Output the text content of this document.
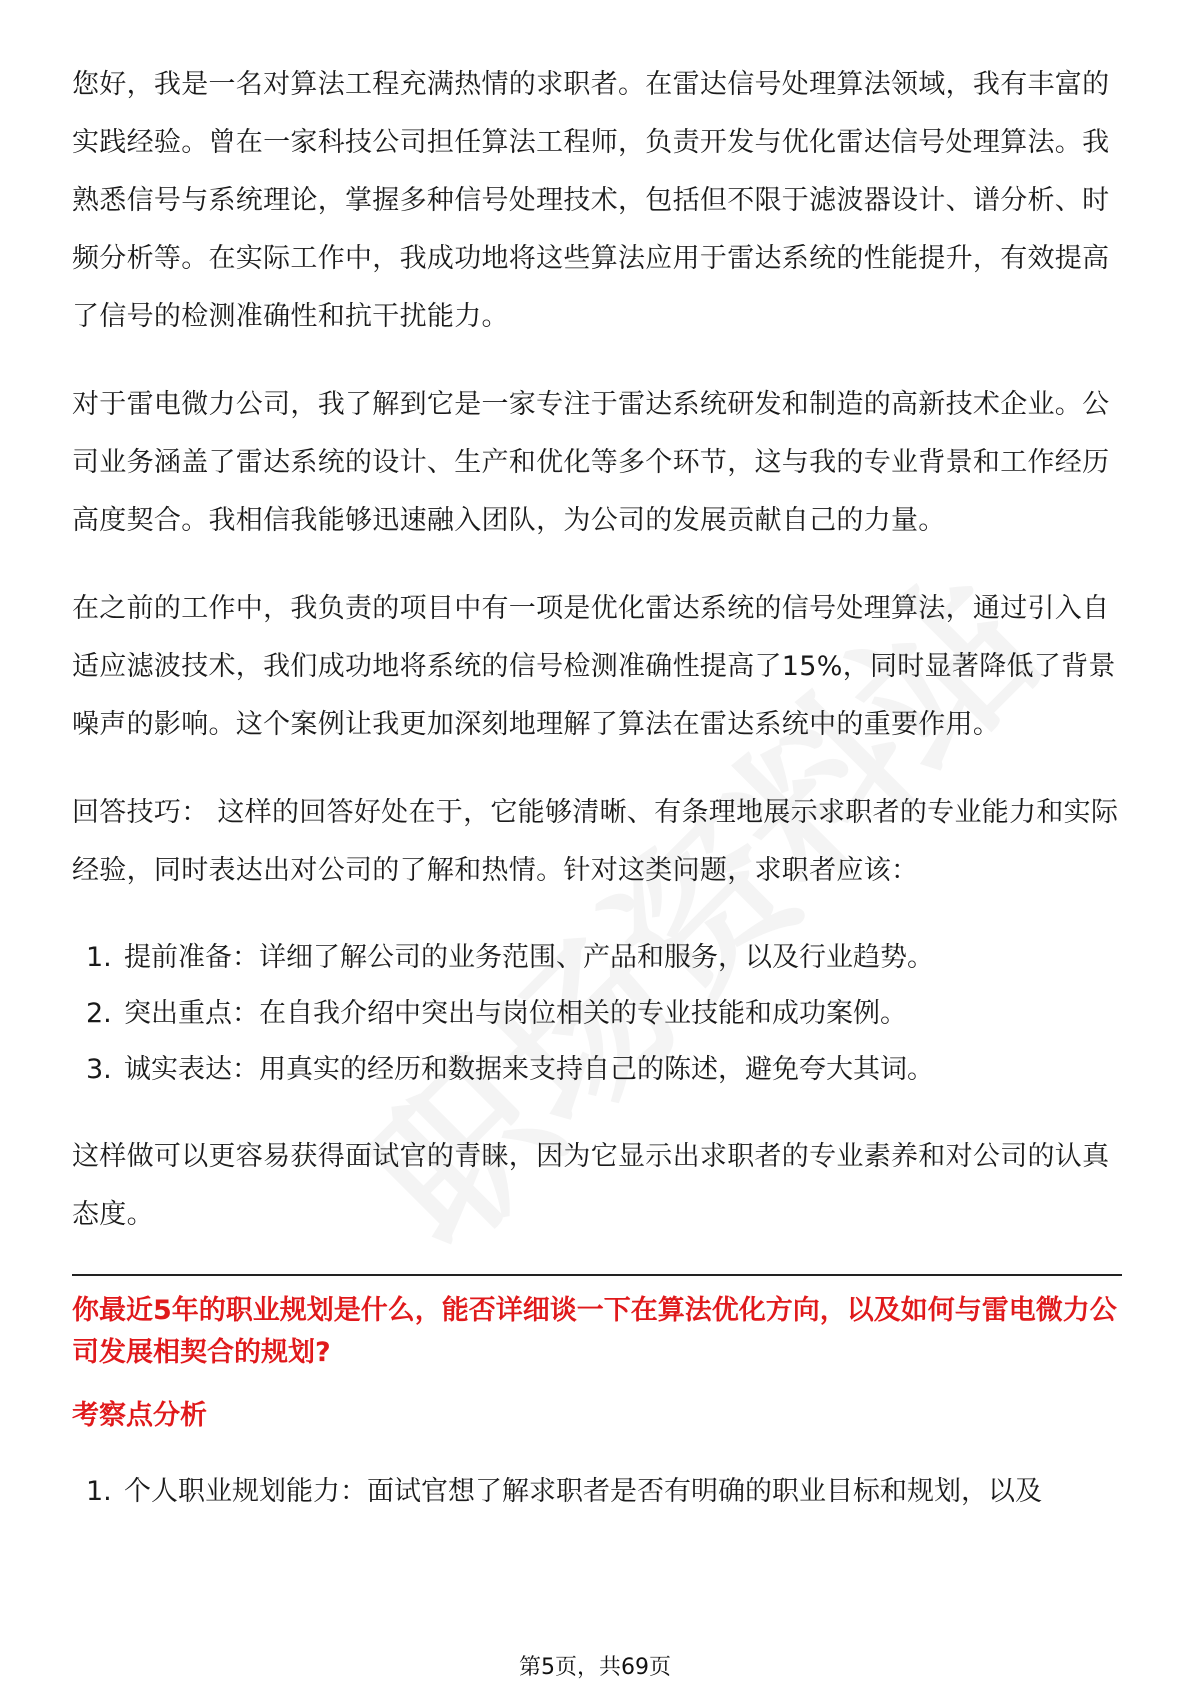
您好，我是一名对算法工程充满热情的求职者。在雷达信号处理算法领域，我有丰富的实践经验。曾在一家科技公司担任算法工程师，负责开发与优化雷达信号处理算法。我熟悉信号与系统理论，掌握多种信号处理技术，包括但不限于滤波器设计、谱分析、时频分析等。在实际工作中，我成功地将这些算法应用于雷达系统的性能提升，有效提高了信号的检测准确性和抗干扰能力。

对于雷电微力公司，我了解到它是一家专注于雷达系统研发和制造的高新技术企业。公司业务涵盖了雷达系统的设计、生产和优化等多个环节，这与我的专业背景和工作经历高度契合。我相信我能够迅速融入团队，为公司的发展贡献自己的力量。

在之前的工作中，我负责的项目中有一项是优化雷达系统的信号处理算法，通过引入自适应滤波技术，我们成功地将系统的信号检测准确性提高了15%，同时显著降低了背景噪声的影响。这个案例让我更加深刻地理解了算法在雷达系统中的重要作用。

回答技巧： 这样的回答好处在于，它能够清晰、有条理地展示求职者的专业能力和实际经验，同时表达出对公司的了解和热情。针对这类问题，求职者应该：

1. 提前准备：详细了解公司的业务范围、产品和服务，以及行业趋势。
2. 突出重点：在自我介绍中突出与岗位相关的专业技能和成功案例。
3. 诚实表达：用真实的经历和数据来支持自己的陈述，避免夸大其词。

这样做可以更容易获得面试官的青睐，因为它显示出求职者的专业素养和对公司的认真态度。

你最近5年的职业规划是什么，能否详细谈一下在算法优化方向，以及如何与雷电微力公司发展相契合的规划?
考察点分析
1. 个人职业规划能力：面试官想了解求职者是否有明确的职业目标和规划，以及
第5页，共69页
